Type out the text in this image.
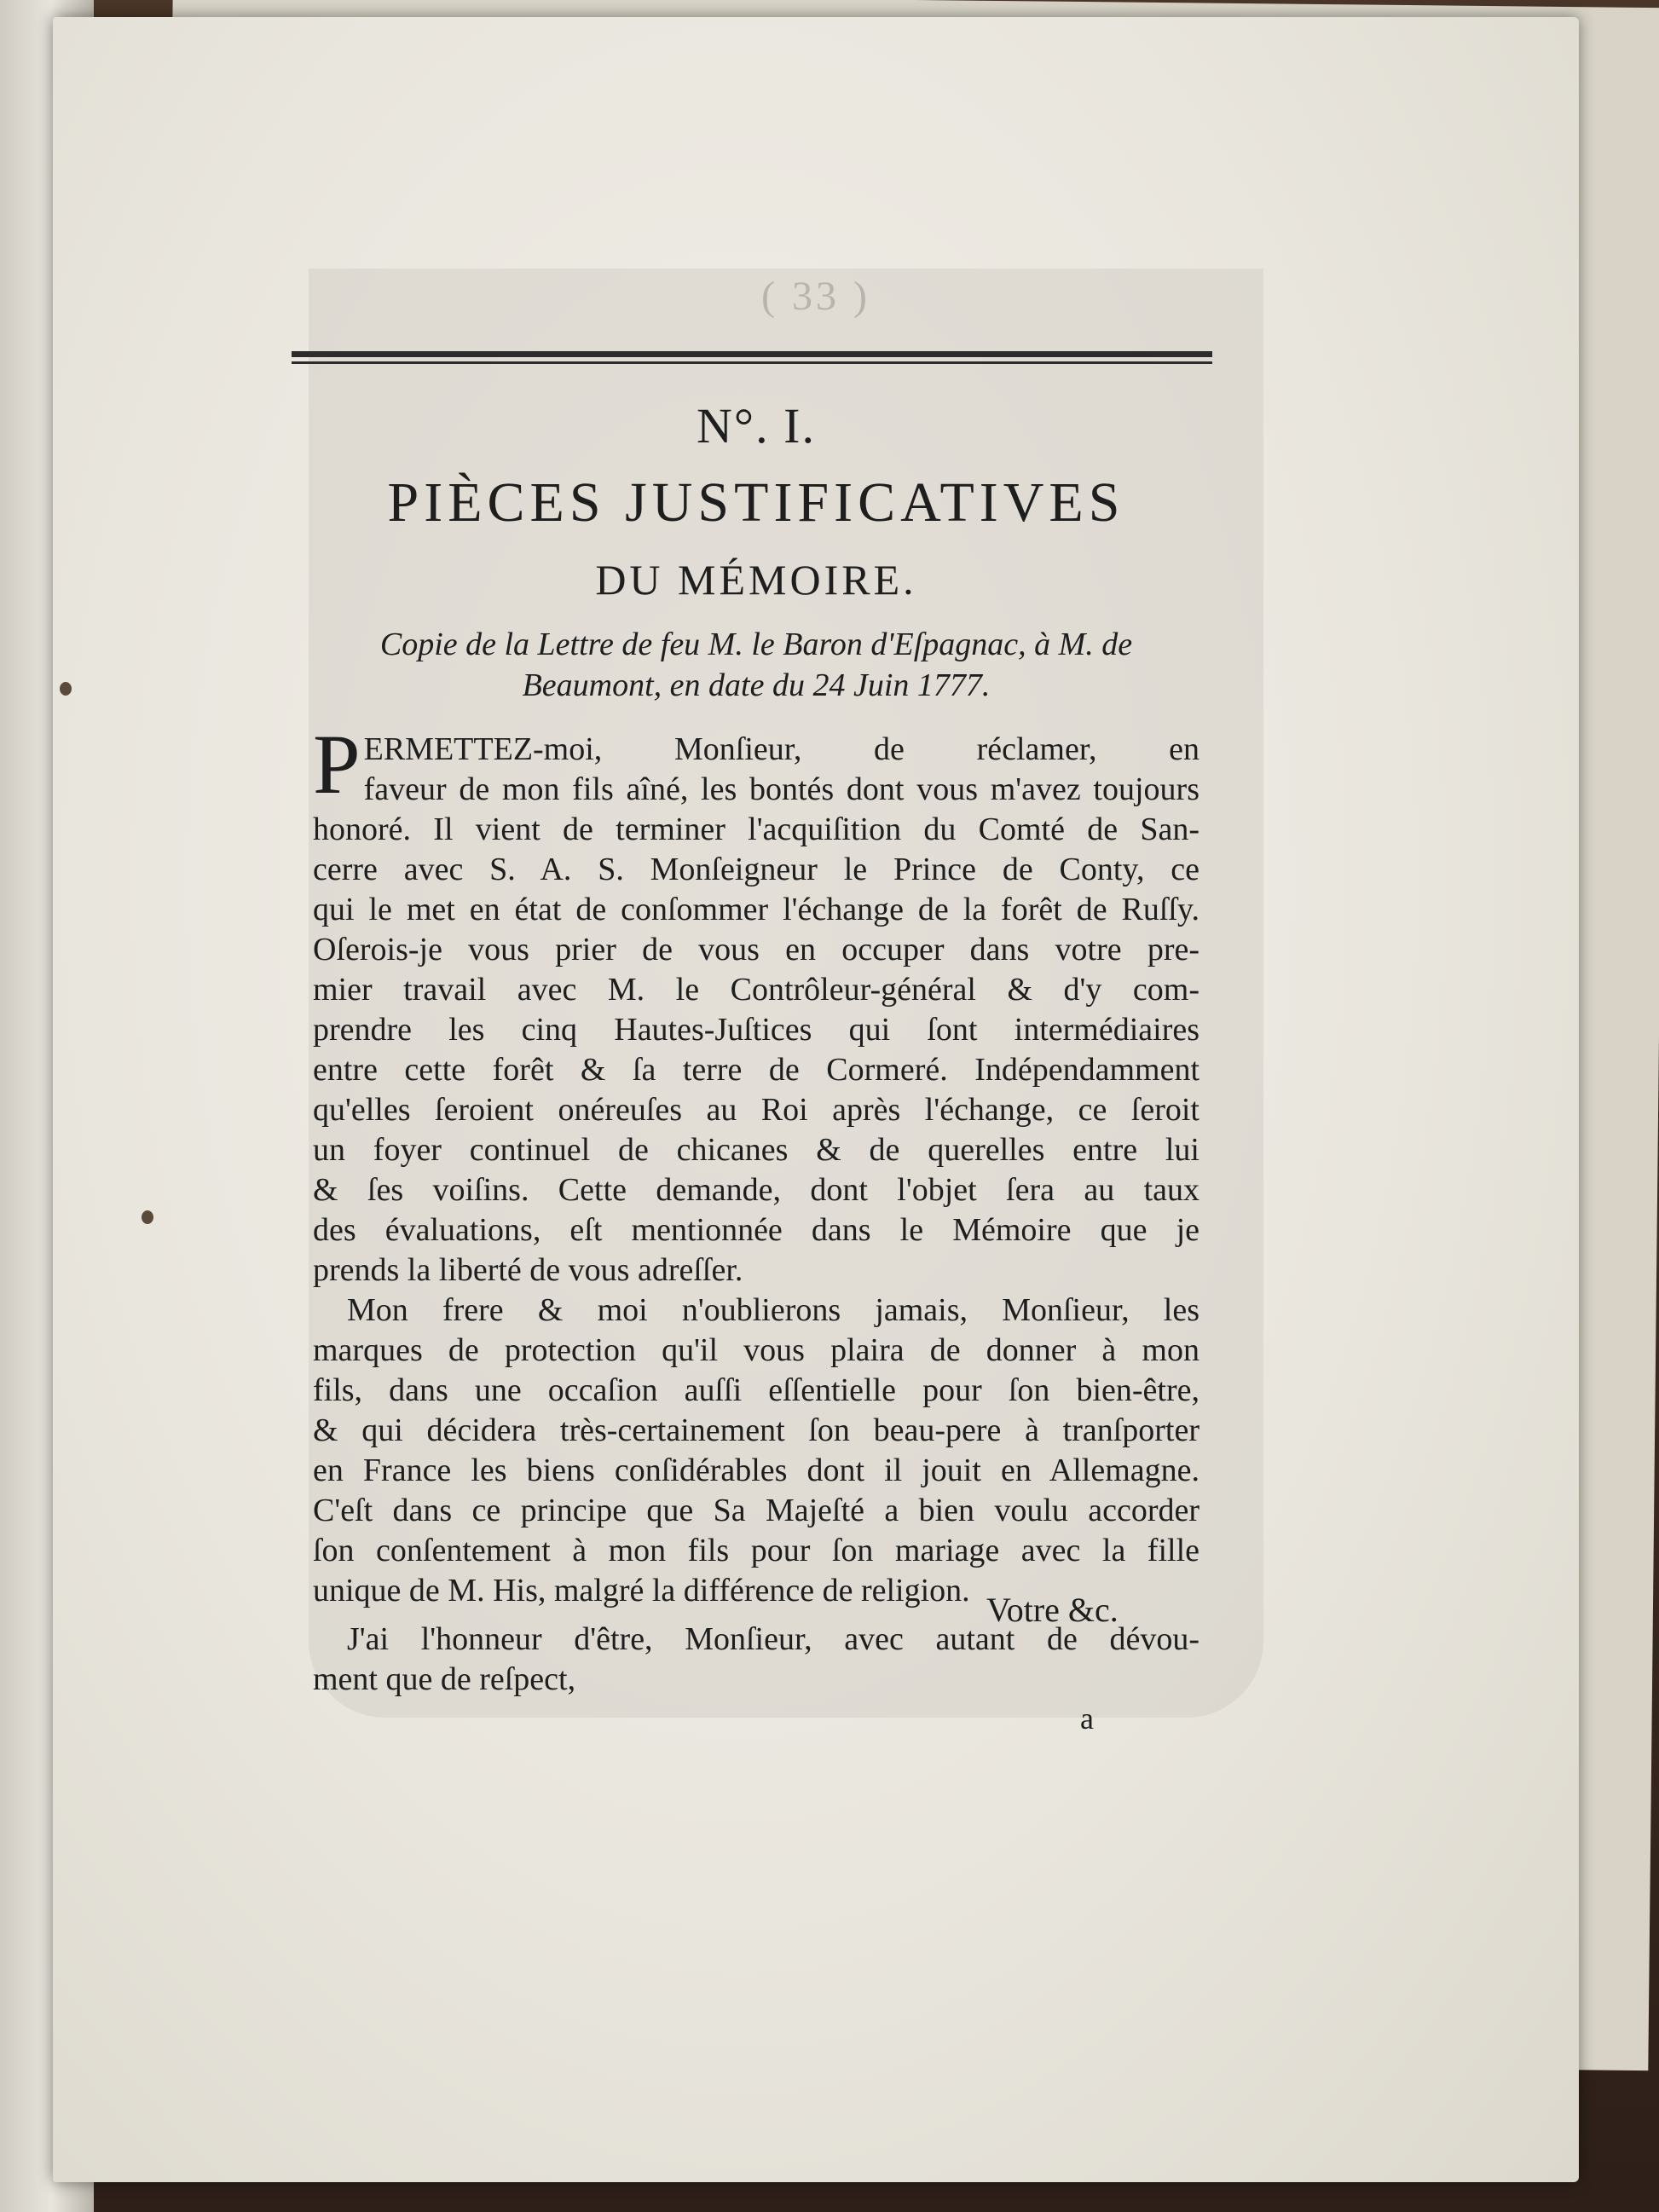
( 33 )

N°. I.

PIÈCES JUSTIFICATIVES

DU MÉMOIRE.

Copie de la Lettre de feu M. le Baron d'Eſpagnac, à M. de
Beaumont, en date du 24 Juin 1777.
P ERMETTEZ-moi, Monſieur, de réclamer, en
faveur de mon fils aîné, les bontés dont vous m'avez toujours
honoré. Il vient de terminer l'acquiſition du Comté de San-
cerre avec S. A. S. Monſeigneur le Prince de Conty, ce
qui le met en état de conſommer l'échange de la forêt de Ruſſy.
Oſerois-je vous prier de vous en occuper dans votre pre-
mier travail avec M. le Contrôleur-général & d'y com-
prendre les cinq Hautes-Juſtices qui ſont intermédiaires
entre cette forêt & ſa terre de Cormeré. Indépendamment
qu'elles ſeroient onéreuſes au Roi après l'échange, ce ſeroit
un foyer continuel de chicanes & de querelles entre lui
& ſes voiſins. Cette demande, dont l'objet ſera au taux
des évaluations, eſt mentionnée dans le Mémoire que je
prends la liberté de vous adreſſer.
Mon frere & moi n'oublierons jamais, Monſieur, les
marques de protection qu'il vous plaira de donner à mon
fils, dans une occaſion auſſi eſſentielle pour ſon bien-être,
& qui décidera très-certainement ſon beau-pere à tranſporter
en France les biens conſidérables dont il jouit en Allemagne.
C'eſt dans ce principe que Sa Majeſté a bien voulu accorder
ſon conſentement à mon fils pour ſon mariage avec la fille
unique de M. His, malgré la différence de religion.
J'ai l'honneur d'être, Monſieur, avec autant de dévou-
ment que de reſpect,
Votre &c.
a
